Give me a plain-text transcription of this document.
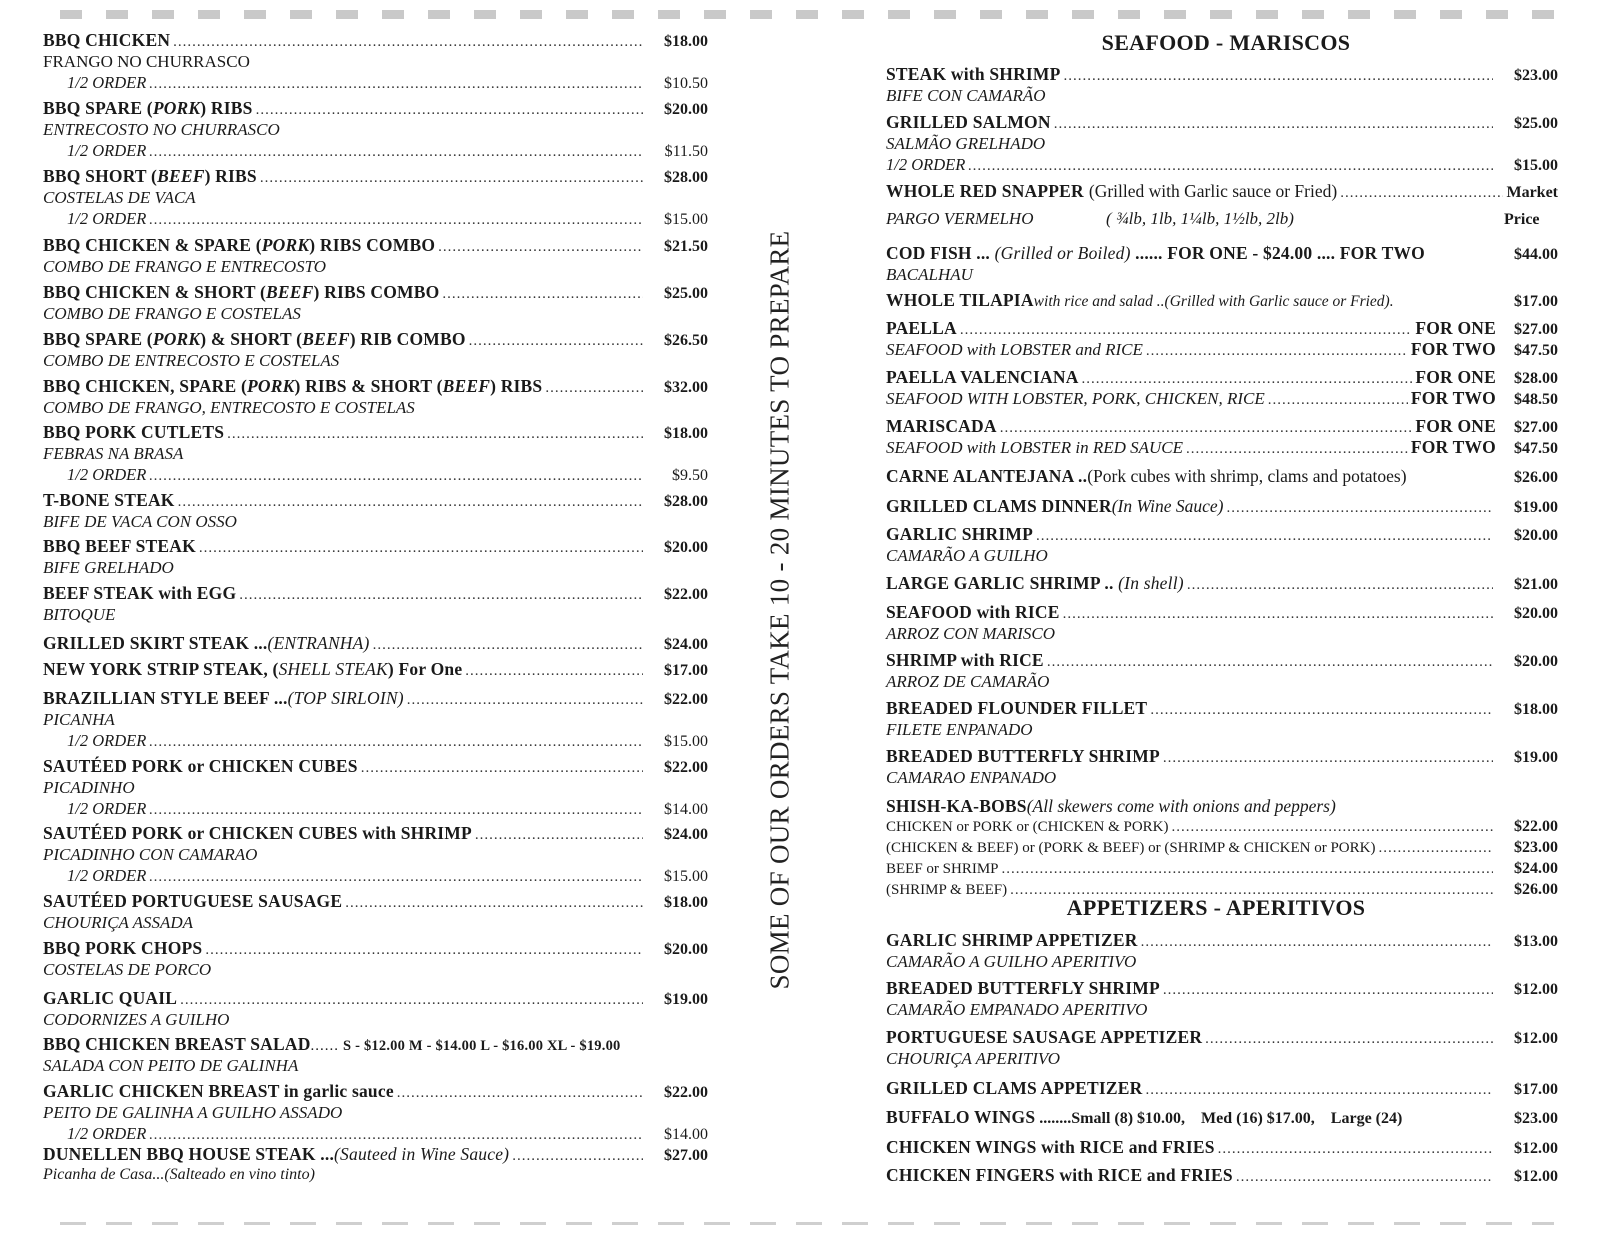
SOME OF OUR ORDERS TAKE 10 - 20 MINUTES TO PREPARE
BBQ CHICKEN .....	$18.00
FRANGO NO CHURRASCO
1/2 ORDER .....	$10.50
BBQ SPARE (PORK) RIBS .....	$20.00
ENTRECOSTO NO CHURRASCO
1/2 ORDER .....	$11.50
BBQ SHORT (BEEF) RIBS .....	$28.00
COSTELAS DE VACA
1/2 ORDER .....	$15.00
BBQ CHICKEN & SPARE (PORK) RIBS COMBO .....	$21.50
COMBO DE FRANGO E ENTRECOSTO
BBQ CHICKEN & SHORT (BEEF) RIBS COMBO .....	$25.00
COMBO DE FRANGO E COSTELAS
BBQ SPARE (PORK) & SHORT (BEEF) RIB COMBO .....	$26.50
COMBO DE ENTRECOSTO E COSTELAS
BBQ CHICKEN, SPARE (PORK) RIBS & SHORT (BEEF) RIBS .....	$32.00
COMBO DE FRANGO, ENTRECOSTO E COSTELAS
BBQ PORK CUTLETS .....	$18.00
FEBRAS NA BRASA
1/2 ORDER .....	$9.50
T-BONE STEAK .....	$28.00
BIFE DE VACA CON OSSO
BBQ BEEF STEAK .....	$20.00
BIFE GRELHADO
BEEF STEAK with EGG .....	$22.00
BITOQUE
GRILLED SKIRT STEAK ...(ENTRANHA) .....	$24.00
NEW YORK STRIP STEAK, (SHELL STEAK) For One .....	$17.00
BRAZILLIAN STYLE BEEF ...(TOP SIRLOIN) .....	$22.00
PICANHA
1/2 ORDER .....	$15.00
SAUTÉED PORK or CHICKEN CUBES .....	$22.00
PICADINHO
1/2 ORDER .....	$14.00
SAUTÉED PORK or CHICKEN CUBES with SHRIMP .....	$24.00
PICADINHO CON CAMARAO
1/2 ORDER .....	$15.00
SAUTÉED PORTUGUESE SAUSAGE .....	$18.00
CHOURIÇA ASSADA
BBQ PORK CHOPS .....	$20.00
COSTELAS DE PORCO
GARLIC QUAIL .....	$19.00
CODORNIZES A GUILHO
BBQ CHICKEN BREAST SALAD ...... S - $12.00 M - $14.00 L - $16.00 XL - $19.00
SALADA CON PEITO DE GALINHA
GARLIC CHICKEN BREAST in garlic sauce .....	$22.00
PEITO DE GALINHA A GUILHO ASSADO
1/2 ORDER .....	$14.00
DUNELLEN BBQ HOUSE STEAK ...(Sauteed in Wine Sauce) .....	$27.00
Picanha de Casa...(Salteado en vino tinto)
SEAFOOD - MARISCOS
STEAK with SHRIMP .....	$23.00
BIFE CON CAMARÃO
GRILLED SALMON .....	$25.00
SALMÃO GRELHADO
1/2 ORDER .....	$15.00
WHOLE RED SNAPPER (Grilled with Garlic sauce or Fried) .....	Market
PARGO VERMELHO	( ¾lb, 1lb, 1¼lb, 1½lb, 2lb)	Price
COD FISH ... (Grilled or Boiled) ...... FOR ONE - $24.00 .... FOR TWO	$44.00
BACALHAU
WHOLE TILAPIA with rice and salad ..(Grilled with Garlic sauce or Fried).	$17.00
PAELLA .....	FOR ONE	$27.00
SEAFOOD with LOBSTER and RICE .....	FOR TWO	$47.50
PAELLA VALENCIANA .....	FOR ONE	$28.00
SEAFOOD WITH LOBSTER, PORK, CHICKEN, RICE .....	FOR TWO	$48.50
MARISCADA .....	FOR ONE	$27.00
SEAFOOD with LOBSTER in RED SAUCE .....	FOR TWO	$47.50
CARNE ALANTEJANA .. (Pork cubes with shrimp, clams and potatoes)	$26.00
GRILLED CLAMS DINNER (In Wine Sauce) .....	$19.00
GARLIC SHRIMP .....	$20.00
CAMARÃO A GUILHO
LARGE GARLIC SHRIMP .. (In shell) .....	$21.00
SEAFOOD with RICE .....	$20.00
ARROZ CON MARISCO
SHRIMP with RICE .....	$20.00
ARROZ DE CAMARÃO
BREADED FLOUNDER FILLET .....	$18.00
FILETE ENPANADO
BREADED BUTTERFLY SHRIMP .....	$19.00
CAMARAO ENPANADO
SHISH-KA-BOBS (All skewers come with onions and peppers)
CHICKEN or PORK or (CHICKEN & PORK) .....	$22.00
(CHICKEN & BEEF) or (PORK & BEEF) or (SHRIMP & CHICKEN or PORK) .....	$23.00
BEEF or SHRIMP .....	$24.00
(SHRIMP & BEEF) .....	$26.00
APPETIZERS - APERITIVOS
GARLIC SHRIMP APPETIZER .....	$13.00
CAMARÃO A GUILHO APERITIVO
BREADED BUTTERFLY SHRIMP .....	$12.00
CAMARÃO EMPANADO APERITIVO
PORTUGUESE SAUSAGE APPETIZER .....	$12.00
CHOURIÇA APERITIVO
GRILLED CLAMS APPETIZER .....	$17.00
BUFFALO WINGS ........Small (8) $10.00,    Med (16) $17.00,    Large (24)	$23.00
CHICKEN WINGS with RICE and FRIES .....	$12.00
CHICKEN FINGERS with RICE and FRIES .....	$12.00
